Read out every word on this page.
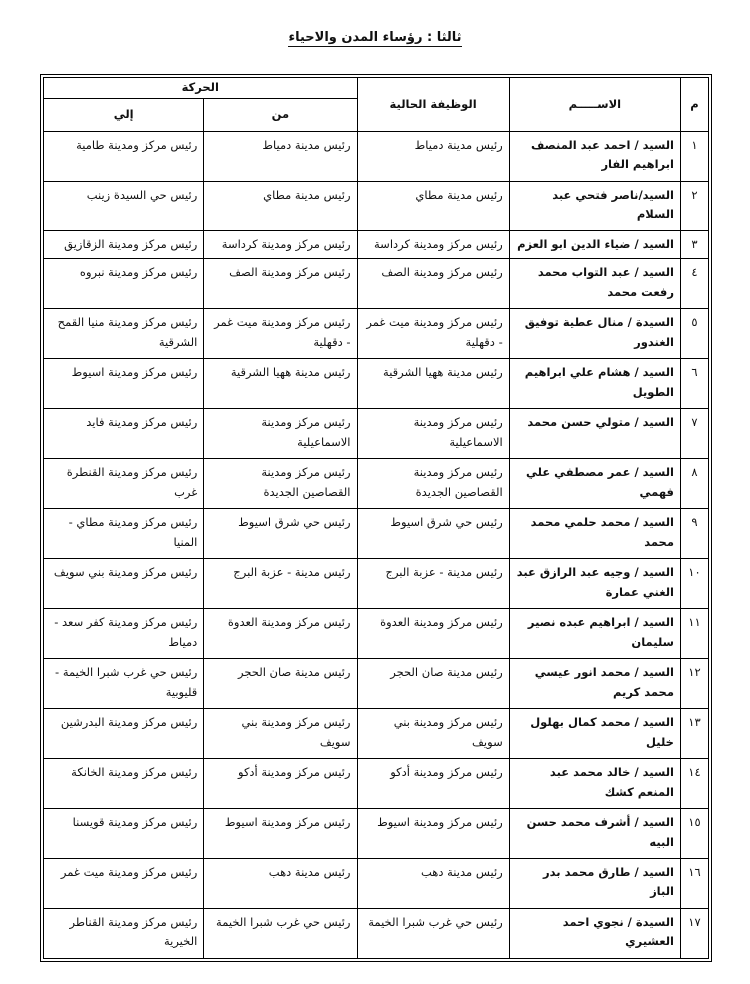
ثالثا : رؤساء المدن والاحياء
م	الاســـــم	الوظيفة الحالية	الحركة	
			من	إلي
١	السيد / احمد عبد المنصف ابراهيم الفار	رئيس مدينة دمياط	رئيس مدينة دمياط	رئيس مركز ومدينة طامية
٢	السيد/ناصر فتحي عبد السلام	رئيس مدينة مطاي	رئيس مدينة مطاي	رئيس حي السيدة زينب
٣	السيد / ضياء الدين ابو العزم	رئيس مركز ومدينة كرداسة	رئيس مركز ومدينة كرداسة	رئيس مركز ومدينة الزقازيق
٤	السيد / عبد التواب محمد رفعت محمد	رئيس مركز ومدينة الصف	رئيس مركز ومدينة الصف	رئيس مركز ومدينة نبروه
٥	السيدة / منال عطية توفيق الغندور	رئيس مركز ومدينة ميت غمر - دقهلية	رئيس مركز ومدينة ميت غمر - دقهلية	رئيس مركز ومدينة منيا القمح الشرقية
٦	السيد / هشام علي ابراهيم الطويل	رئيس مدينة ههيا الشرقية	رئيس مدينة ههيا الشرقية	رئيس مركز ومدينة اسيوط
٧	السيد / متولي حسن محمد	رئيس مركز ومدينة الاسماعيلية	رئيس مركز ومدينة الاسماعيلية	رئيس مركز ومدينة فايد
٨	السيد / عمر مصطفي علي فهمي	رئيس مركز ومدينة القصاصين الجديدة	رئيس مركز ومدينة القصاصين الجديدة	رئيس مركز ومدينة القنطرة غرب
٩	السيد / محمد حلمي محمد محمد	رئيس حي شرق اسيوط	رئيس حي شرق اسيوط	رئيس مركز ومدينة مطاي - المنيا
١٠	السيد / وجيه عبد الرازق عبد الغني عمارة	رئيس مدينة - عزبة البرج	رئيس مدينة - عزبة البرج	رئيس مركز ومدينة بني سويف
١١	السيد / ابراهيم عبده نصير سليمان	رئيس مركز ومدينة العدوة	رئيس مركز ومدينة العدوة	رئيس مركز ومدينة كفر سعد - دمياط
١٢	السيد / محمد انور عيسي محمد كريم	رئيس مدينة صان الحجر	رئيس مدينة صان الحجر	رئيس حي غرب شبرا الخيمة - قليوبية
١٣	السيد / محمد كمال بهلول خليل	رئيس مركز ومدينة بني سويف	رئيس مركز ومدينة بني سويف	رئيس مركز ومدينة البدرشين
١٤	السيد / خالد محمد عبد المنعم كشك	رئيس مركز ومدينة أدكو	رئيس مركز ومدينة أدكو	رئيس مركز ومدينة الخانكة
١٥	السيد / أشرف محمد حسن البيه	رئيس مركز ومدينة اسيوط	رئيس مركز ومدينة اسيوط	رئيس مركز ومدينة قويسنا
١٦	السيد / طارق محمد بدر الباز	رئيس مدينة دهب	رئيس مدينة دهب	رئيس مركز ومدينة ميت غمر
١٧	السيدة / نجوي احمد العشيري	رئيس حي غرب شبرا الخيمة	رئيس حي غرب شبرا الخيمة	رئيس مركز ومدينة القناطر الخيرية
